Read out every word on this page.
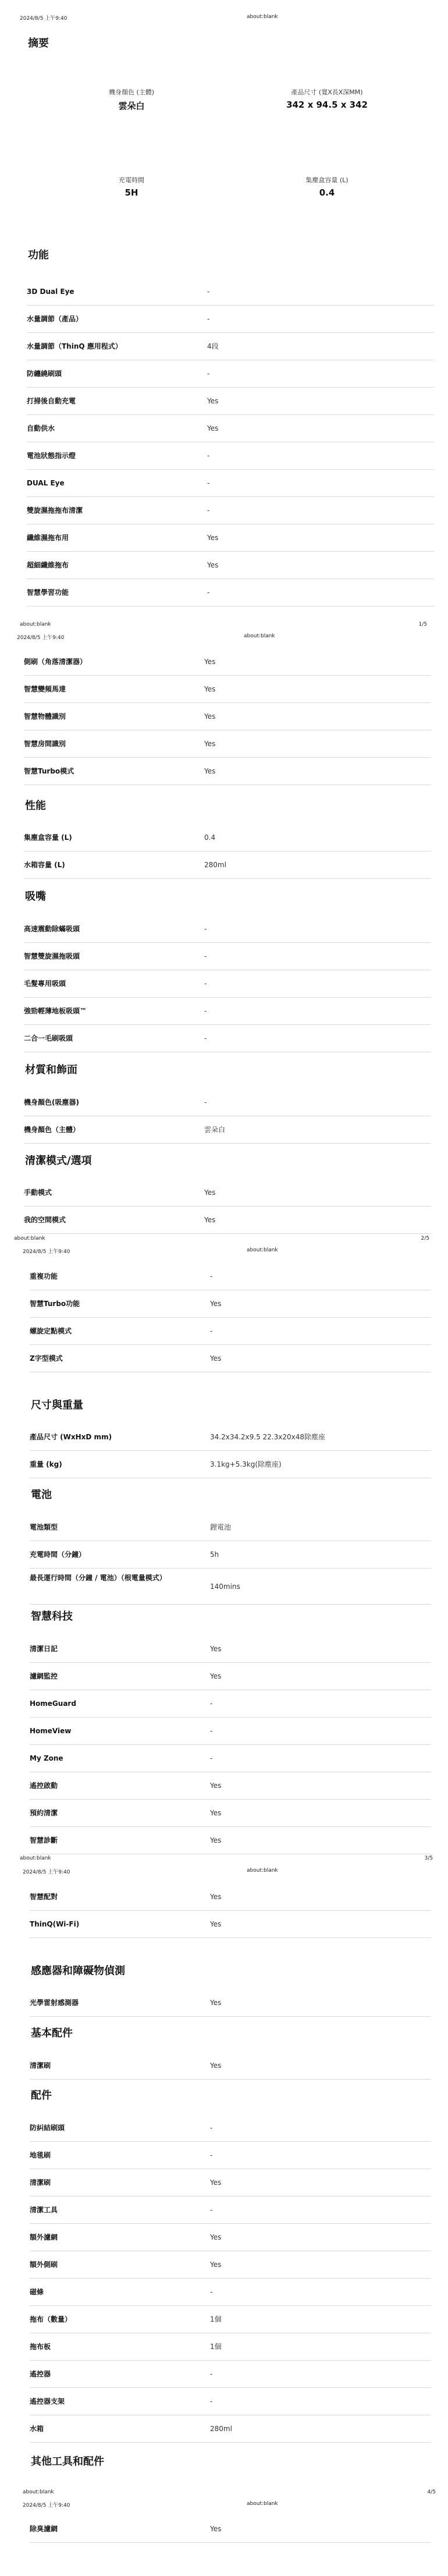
2024/8/5 上午9:40	about:blank
摘要
機身顏色 (主體)
雲朵白
產品尺寸 (寬X長X深MM)
342 x 94.5 x 342
充電時間
5H
集塵盒容量 (L)
0.4
功能
3D Dual Eye	-
水量調節（產品）	-
水量調節（ThinQ 應用程式）	4段
防纏繞刷頭	-
打掃後自動充電	Yes
自動供水	Yes
電池狀態指示燈	-
DUAL Eye	-
雙旋濕拖拖布清潔	-
纖維濕拖布用	Yes
超細纖維拖布	Yes
智慧學習功能	-
about:blank	1/5
2024/8/5 上午9:40	about:blank
側刷（角落清潔器）	Yes
智慧變頻馬達	Yes
智慧物體識別	Yes
智慧房間識別	Yes
智慧Turbo模式	Yes
性能
集塵盒容量 (L)	0.4
水箱容量 (L)	280ml
吸嘴
高速震動除蟎吸頭	-
智慧雙旋濕拖吸頭	-
毛髮專用吸頭	-
強勁輕薄地板吸頭™	-
二合一毛刷吸頭	-
材質和飾面
機身顏色(吸塵器)	-
機身顏色（主體）	雲朵白
清潔模式/選項
手動模式	Yes
我的空間模式	Yes
about:blank	2/5
2024/8/5 上午9:40	about:blank
重複功能	-
智慧Turbo功能	Yes
螺旋定點模式	-
Z字型模式	Yes
尺寸與重量
產品尺寸 (WxHxD mm)	34.2x34.2x9.5 22.3x20x48除塵座
重量 (kg)	3.1kg+5.3kg(除塵座)
電池
電池類型	鋰電池
充電時間（分鐘）	5h
最長運行時間（分鐘 / 電池）（根電量模式）
140mins
智慧科技
清潔日記	Yes
濾網監控	Yes
HomeGuard	-
HomeView	-
My Zone	-
遙控啟動	Yes
預約清潔	Yes
智慧診斷	Yes
about:blank	3/5
2024/8/5 上午9:40	about:blank
智慧配對	Yes
ThinQ(Wi-Fi)	Yes
感應器和障礙物偵測
光學雷射感測器	Yes
基本配件
清潔刷	Yes
配件
防糾結刷頭	-
地毯刷	-
清潔刷	Yes
清潔工具	-
額外濾網	Yes
額外側刷	Yes
磁條	-
拖布（數量）	1個
拖布板	1個
遙控器	-
遙控器支架	-
水箱	280ml
其他工具和配件
about:blank	4/5
2024/8/5 上午9:40	about:blank
除臭濾網	Yes
